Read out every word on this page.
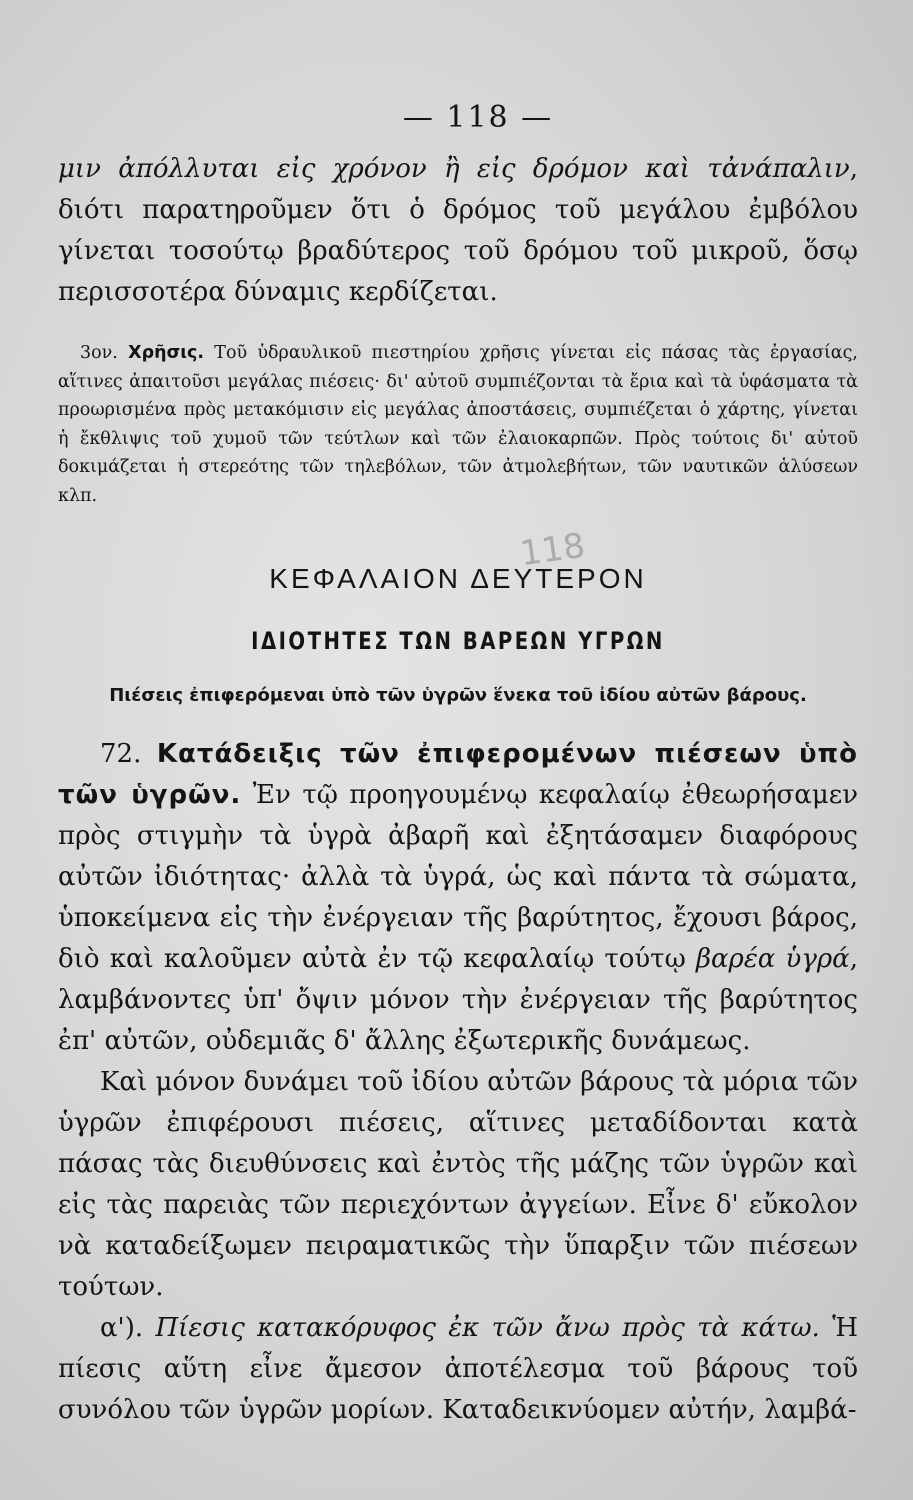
118
— 118 —

μιν ἀπόλλυται εἰς χρόνον ἢ εἰς δρόμον καὶ τἀνάπαλιν, διότι παρατηροῦμεν ὅτι ὁ δρόμος τοῦ μεγάλου ἐμβόλου γίνεται τοσούτῳ βραδύτερος τοῦ δρόμου τοῦ μικροῦ, ὅσῳ περισσοτέρα δύναμις κερδίζεται.

3ον. Χρῆσις. Τοῦ ὑδραυλικοῦ πιεστηρίου χρῆσις γίνεται εἰς πάσας τὰς ἐργασίας, αἵτινες ἀπαιτοῦσι μεγάλας πιέσεις· δι' αὐτοῦ συμπιέζονται τὰ ἔρια καὶ τὰ ὑφάσματα τὰ προωρισμένα πρὸς μετακόμισιν εἰς μεγάλας ἀποστάσεις, συμπιέζεται ὁ χάρτης, γίνεται ἡ ἔκθλιψις τοῦ χυμοῦ τῶν τεύτλων καὶ τῶν ἐλαιοκαρπῶν. Πρὸς τούτοις δι' αὐτοῦ δοκιμάζεται ἡ στερεότης τῶν τηλεβόλων, τῶν ἀτμολεβήτων, τῶν ναυτικῶν ἁλύσεων κλπ.

ΚΕΦΑΛΑΙΟΝ ΔΕΥΤΕΡΟΝ
ΙΔΙΟΤΗΤΕΣ ΤΩΝ ΒΑΡΕΩΝ ΥΓΡΩΝ
Πιέσεις ἐπιφερόμεναι ὑπὸ τῶν ὑγρῶν ἕνεκα τοῦ ἰδίου αὐτῶν βάρους.

72. Κατάδειξις τῶν ἐπιφερομένων πιέσεων ὑπὸ τῶν ὑγρῶν. Ἐν τῷ προηγουμένῳ κεφαλαίῳ ἐθεωρήσαμεν πρὸς στιγμὴν τὰ ὑγρὰ ἀβαρῆ καὶ ἐξητάσαμεν διαφόρους αὐτῶν ἰδιότητας· ἀλλὰ τὰ ὑγρά, ὡς καὶ πάντα τὰ σώματα, ὑποκείμενα εἰς τὴν ἐνέργειαν τῆς βαρύτητος, ἔχουσι βάρος, διὸ καὶ καλοῦμεν αὐτὰ ἐν τῷ κεφαλαίῳ τούτῳ βαρέα ὑγρά, λαμβάνοντες ὑπ' ὄψιν μόνον τὴν ἐνέργειαν τῆς βαρύτητος ἐπ' αὐτῶν, οὐδεμιᾶς δ' ἄλλης ἐξωτερικῆς δυνάμεως.

Καὶ μόνον δυνάμει τοῦ ἰδίου αὐτῶν βάρους τὰ μόρια τῶν ὑγρῶν ἐπιφέρουσι πιέσεις, αἵτινες μεταδίδονται κατὰ πάσας τὰς διευθύνσεις καὶ ἐντὸς τῆς μάζης τῶν ὑγρῶν καὶ εἰς τὰς παρειὰς τῶν περιεχόντων ἀγγείων. Εἶνε δ' εὔκολον νὰ καταδείξωμεν πειραματικῶς τὴν ὕπαρξιν τῶν πιέσεων τούτων.

α'). Πίεσις κατακόρυφος ἐκ τῶν ἄνω πρὸς τὰ κάτω. Ἡ πίεσις αὕτη εἶνε ἄμεσον ἀποτέλεσμα τοῦ βάρους τοῦ συνόλου τῶν ὑγρῶν μορίων. Καταδεικνύομεν αὐτήν, λαμβά-
